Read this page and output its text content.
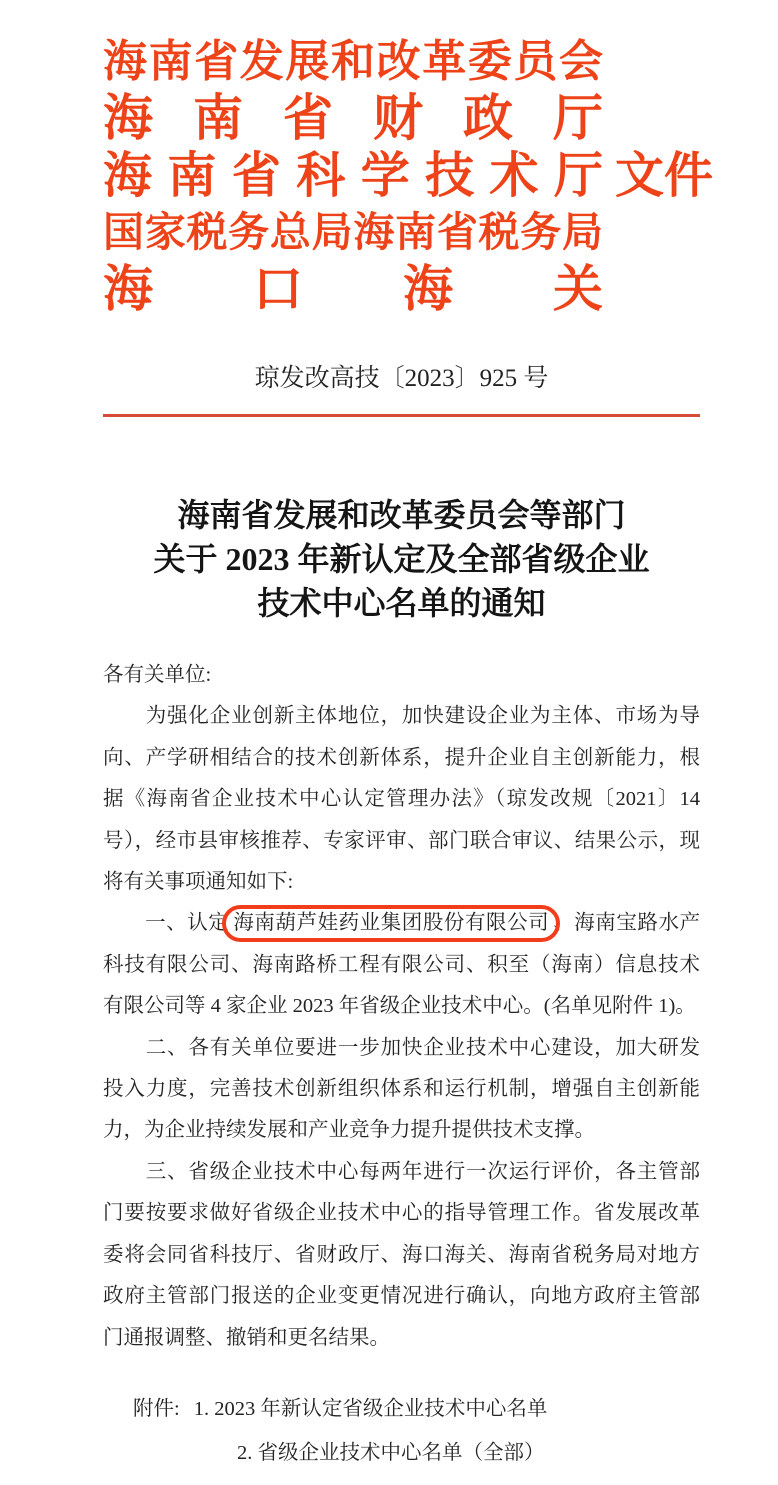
海南省发展和改革委员会
海南省财政厅
海南省科学技术厅 文件
国家税务总局海南省税务局
海口海关
琼发改高技〔2023〕925 号
海南省发展和改革委员会等部门
关于 2023 年新认定及全部省级企业
技术中心名单的通知
各有关单位:
　　为强化企业创新主体地位，加快建设企业为主体、市场为导
向、产学研相结合的技术创新体系，提升企业自主创新能力，根
据《海南省企业技术中心认定管理办法》（琼发改规〔2021〕14
号），经市县审核推荐、专家评审、部门联合审议、结果公示，现
将有关事项通知如下:
　　一、认定 海南葫芦娃药业集团股份有限公司 、海南宝路水产
科技有限公司、海南路桥工程有限公司、积至（海南）信息技术
有限公司等 4 家企业 2023 年省级企业技术中心。(名单见附件 1)。
　　二、各有关单位要进一步加快企业技术中心建设，加大研发
投入力度，完善技术创新组织体系和运行机制，增强自主创新能
力，为企业持续发展和产业竞争力提升提供技术支撑。
　　三、省级企业技术中心每两年进行一次运行评价，各主管部
门要按要求做好省级企业技术中心的指导管理工作。省发展改革
委将会同省科技厅、省财政厅、海口海关、海南省税务局对地方
政府主管部门报送的企业变更情况进行确认，向地方政府主管部
门通报调整、撤销和更名结果。
附件: 1. 2023 年新认定省级企业技术中心名单
2. 省级企业技术中心名单（全部）
